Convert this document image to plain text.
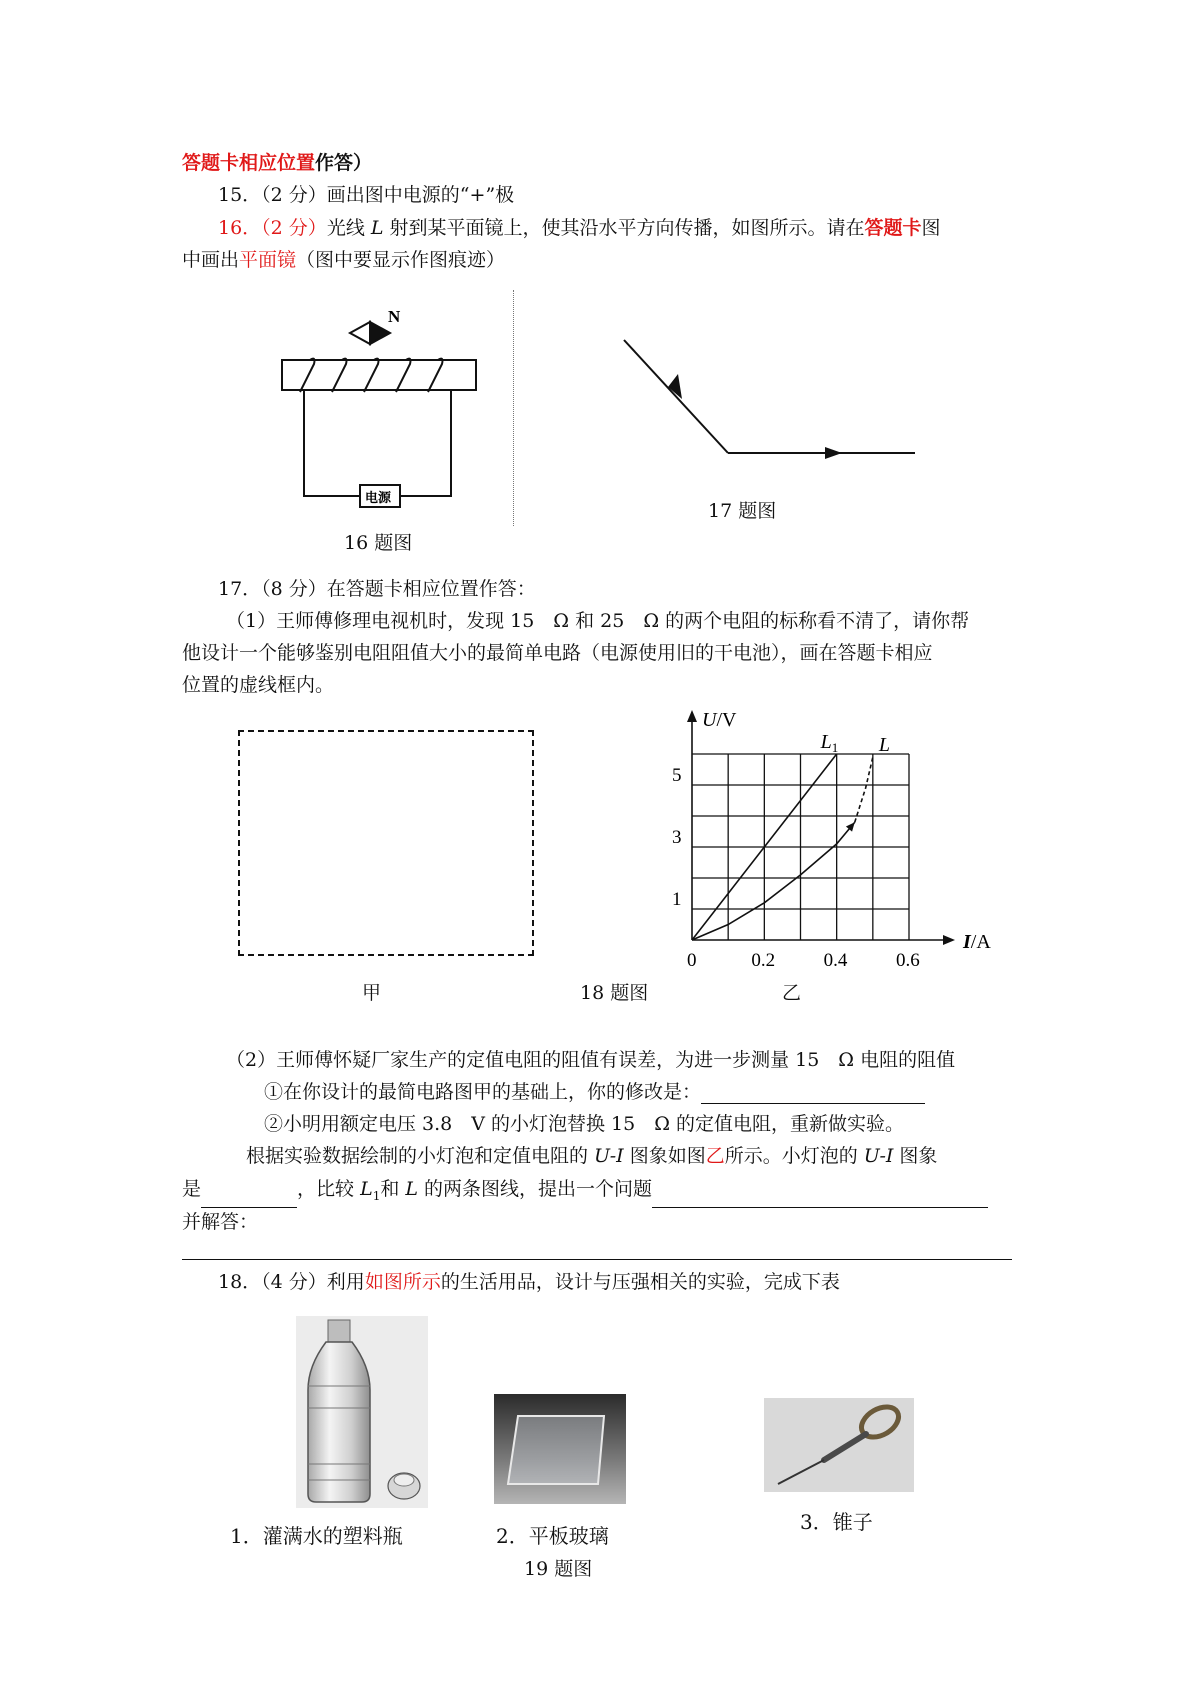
答题卡相应位置作答）
15．（2 分）画出图中电源的“+”极
16．（2 分）光线 L 射到某平面镜上，使其沿水平方向传播，如图所示。请在答题卡图
中画出平面镜（图中要显示作图痕迹）
N
电源
16 题图
17 题图
17．（8 分）在答题卡相应位置作答：
（1）王师傅修理电视机时，发现 15　Ω 和 25　Ω 的两个电阻的标称看不清了，请你帮
他设计一个能够鉴别电阻阻值大小的最简单电路（电源使用旧的干电池），画在答题卡相应
位置的虚线框内。
甲	18 题图	乙
$L_1$ L
0	0.2	0.4	0.6
1
3
5
I/A
U/V
（2）王师傅怀疑厂家生产的定值电阻的阻值有误差，为进一步测量 15　Ω 电阻的阻值
①在你设计的最简电路图甲的基础上，你的修改是：
②小明用额定电压 3.8　V 的小灯泡替换 15　Ω 的定值电阻，重新做实验。
根据实验数据绘制的小灯泡和定值电阻的 U-I 图象如图乙所示。小灯泡的 U-I 图象
是	，比较 $L_1$和 L 的两条图线，提出一个问题
并解答：
18．（4 分）利用如图所示的生活用品，设计与压强相关的实验，完成下表
1．灌满水的塑料瓶	2．平板玻璃
19 题图
3．锥子
